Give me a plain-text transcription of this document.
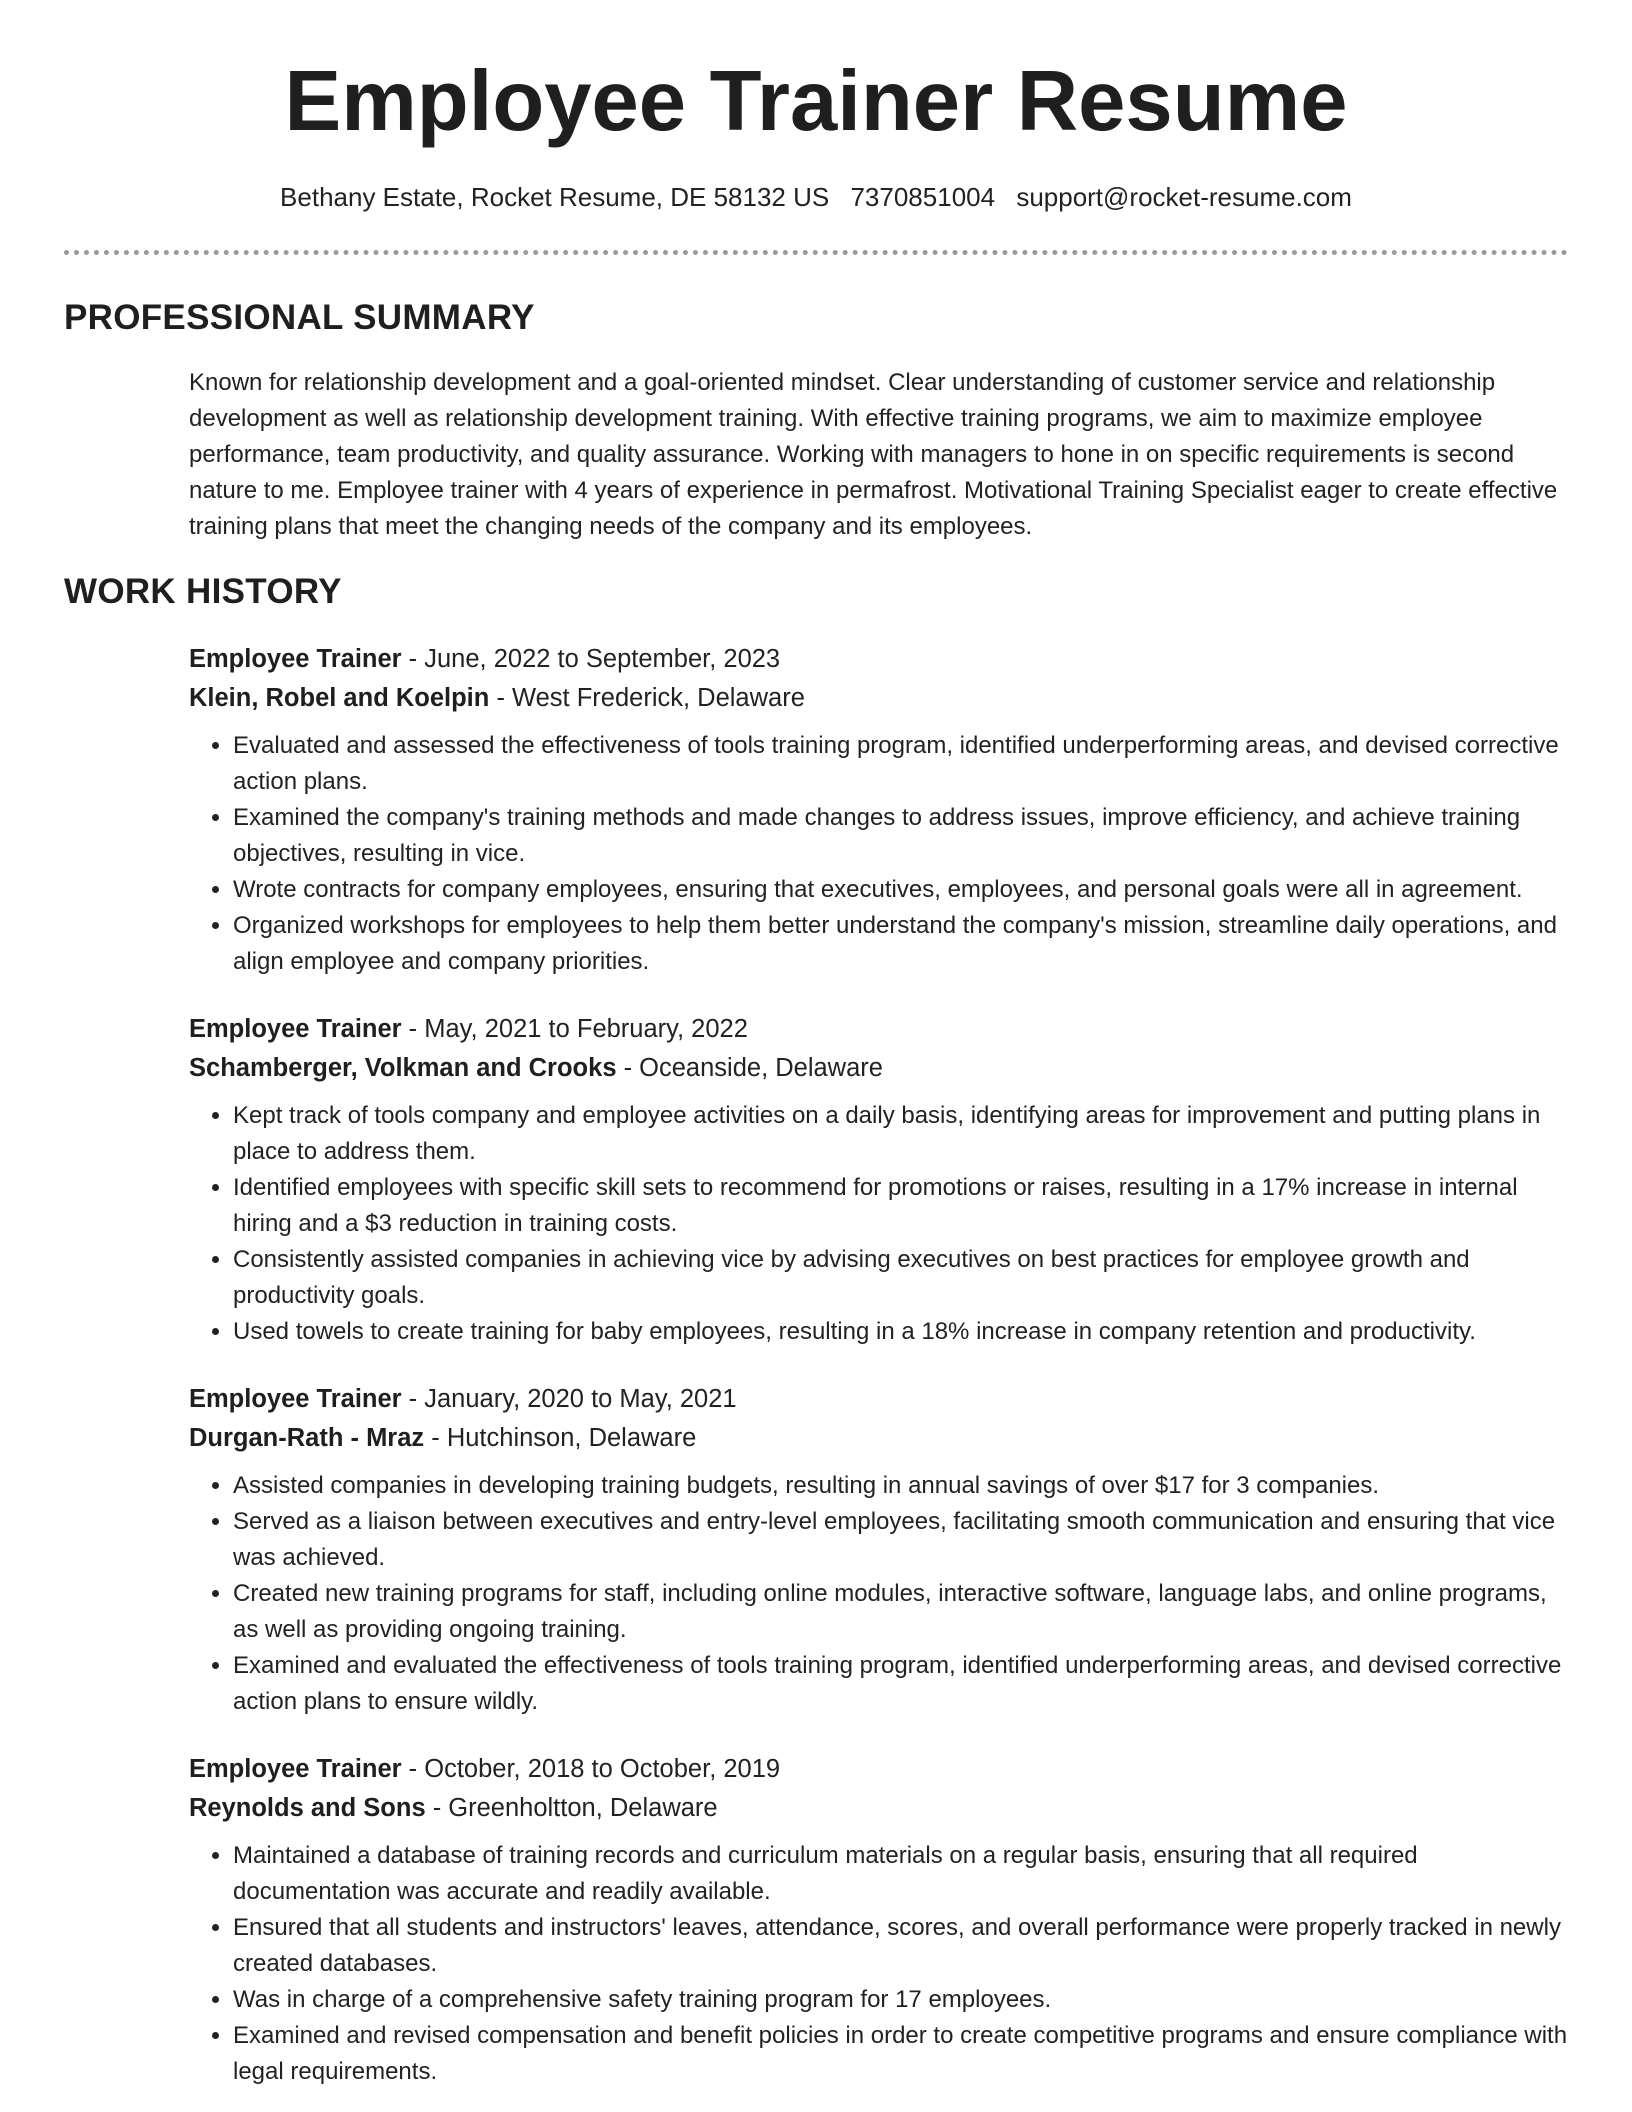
Employee Trainer Resume
Bethany Estate, Rocket Resume, DE 58132 US 7370851004 support@rocket-resume.com
PROFESSIONAL SUMMARY

Known for relationship development and a goal-oriented mindset. Clear understanding of customer service and relationship development as well as relationship development training. With effective training programs, we aim to maximize employee performance, team productivity, and quality assurance. Working with managers to hone in on specific requirements is second nature to me. Employee trainer with 4 years of experience in permafrost. Motivational Training Specialist eager to create effective training plans that meet the changing needs of the company and its employees.

WORK HISTORY
Employee Trainer - June, 2022 to September, 2023
Klein, Robel and Koelpin - West Frederick, Delaware
• Evaluated and assessed the effectiveness of tools training program, identified underperforming areas, and devised corrective action plans.
• Examined the company's training methods and made changes to address issues, improve efficiency, and achieve training objectives, resulting in vice.
• Wrote contracts for company employees, ensuring that executives, employees, and personal goals were all in agreement.
• Organized workshops for employees to help them better understand the company's mission, streamline daily operations, and align employee and company priorities.
Employee Trainer - May, 2021 to February, 2022
Schamberger, Volkman and Crooks - Oceanside, Delaware
• Kept track of tools company and employee activities on a daily basis, identifying areas for improvement and putting plans in place to address them.
• Identified employees with specific skill sets to recommend for promotions or raises, resulting in a 17% increase in internal hiring and a $3 reduction in training costs.
• Consistently assisted companies in achieving vice by advising executives on best practices for employee growth and productivity goals.
• Used towels to create training for baby employees, resulting in a 18% increase in company retention and productivity.
Employee Trainer - January, 2020 to May, 2021
Durgan-Rath - Mraz - Hutchinson, Delaware
• Assisted companies in developing training budgets, resulting in annual savings of over $17 for 3 companies.
• Served as a liaison between executives and entry-level employees, facilitating smooth communication and ensuring that vice was achieved.
• Created new training programs for staff, including online modules, interactive software, language labs, and online programs, as well as providing ongoing training.
• Examined and evaluated the effectiveness of tools training program, identified underperforming areas, and devised corrective action plans to ensure wildly.
Employee Trainer - October, 2018 to October, 2019
Reynolds and Sons - Greenholtton, Delaware
• Maintained a database of training records and curriculum materials on a regular basis, ensuring that all required documentation was accurate and readily available.
• Ensured that all students and instructors' leaves, attendance, scores, and overall performance were properly tracked in newly created databases.
• Was in charge of a comprehensive safety training program for 17 employees.
• Examined and revised compensation and benefit policies in order to create competitive programs and ensure compliance with legal requirements.
